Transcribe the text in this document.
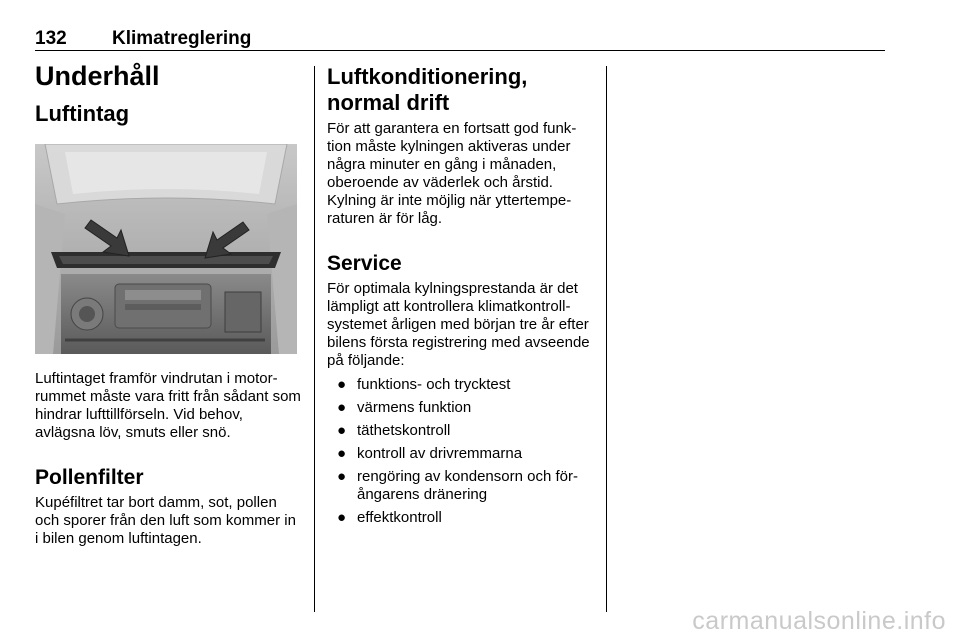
132 Klimatreglering
Underhåll
Luftintag

Luftintaget framför vindrutan i motorrummet måste vara fritt från sådant som hindrar lufttillförseln. Vid behov, avlägsna löv, smuts eller snö.

Pollenfilter

Kupéfiltret tar bort damm, sot, pollen och sporer från den luft som kommer in i bilen genom luftintagen.

Luftkonditionering, normal drift

För att garantera en fortsatt god funktion måste kylningen aktiveras under några minuter en gång i månaden, oberoende av väderlek och årstid. Kylning är inte möjlig när yttertemperaturen är för låg.

Service

För optimala kylningsprestanda är det lämpligt att kontrollera klimatkontrollsystemet årligen med början tre år efter bilens första registrering med avseende på följande:

● funktions- och trycktest
● värmens funktion
● täthetskontroll
● kontroll av drivremmarna
● rengöring av kondensorn och förångarens dränering
● effektkontroll
carmanualsonline.info
